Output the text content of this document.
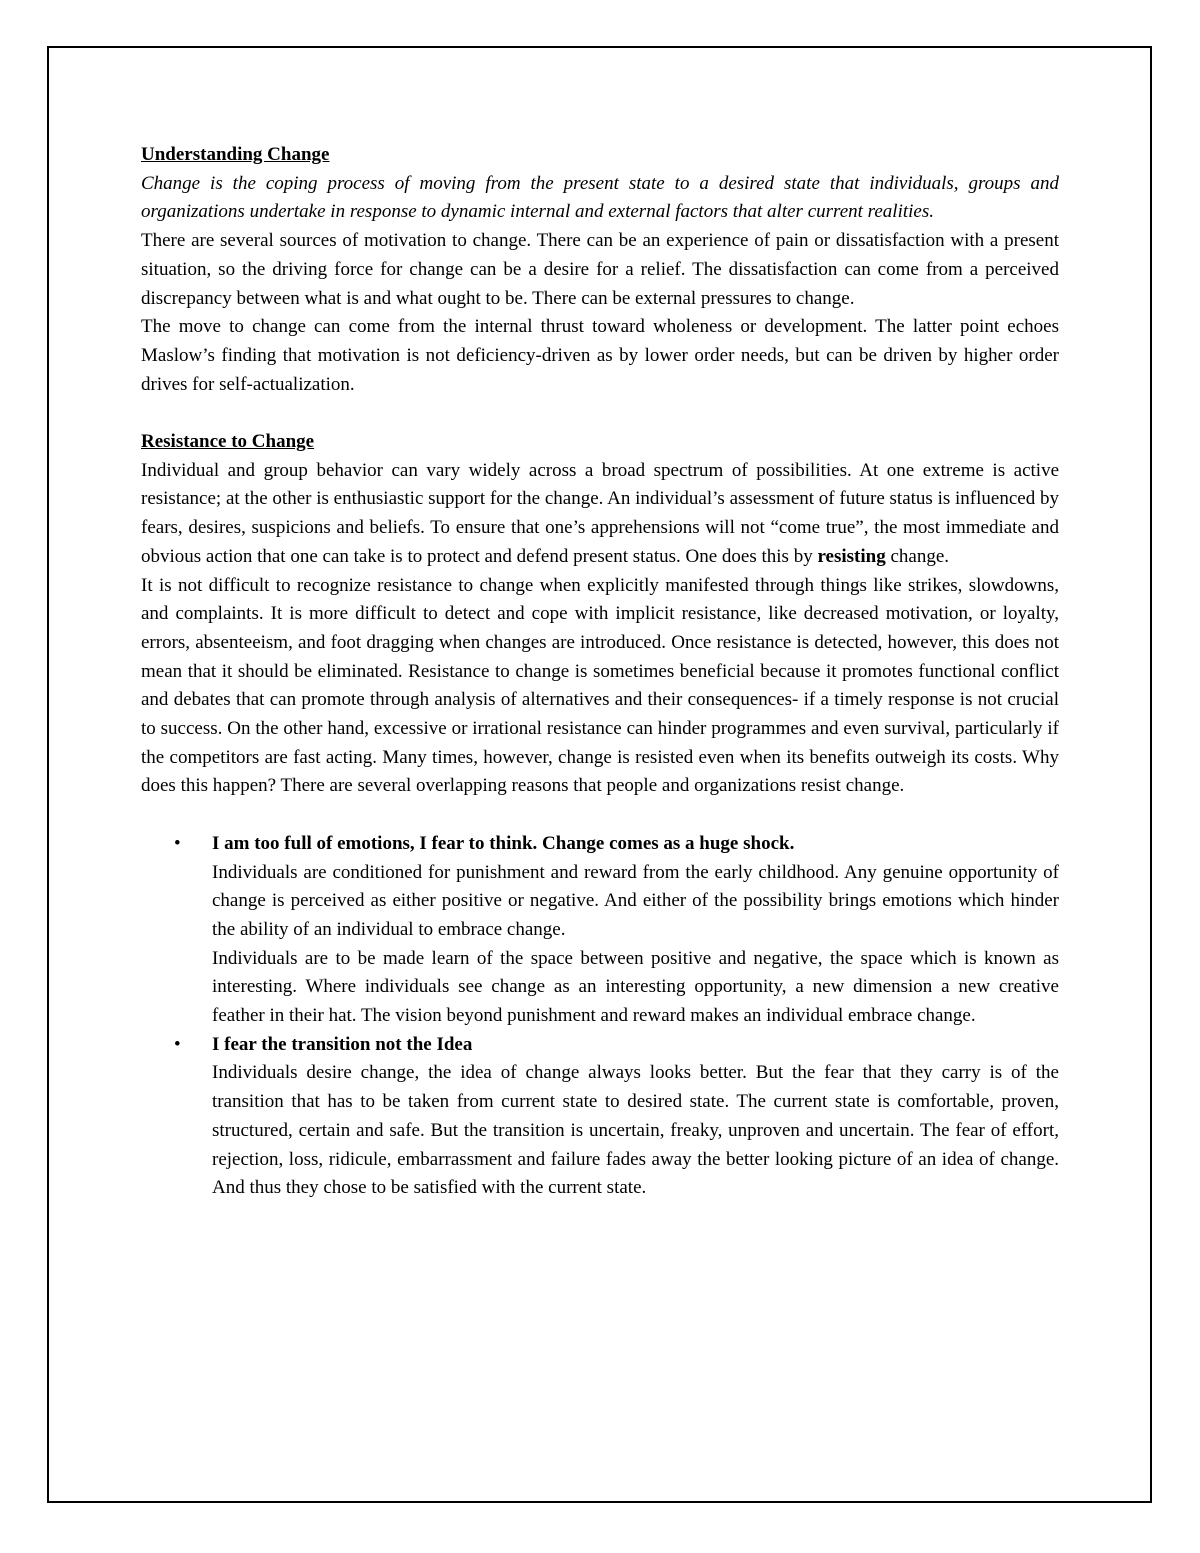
Understanding Change

Change is the coping process of moving from the present state to a desired state that individuals, groups and organizations undertake in response to dynamic internal and external factors that alter current realities.

There are several sources of motivation to change. There can be an experience of pain or dissatisfaction with a present situation, so the driving force for change can be a desire for a relief. The dissatisfaction can come from a perceived discrepancy between what is and what ought to be. There can be external pressures to change.

The move to change can come from the internal thrust toward wholeness or development. The latter point echoes Maslow’s finding that motivation is not deficiency-driven as by lower order needs, but can be driven by higher order drives for self-actualization.

Resistance to Change

Individual and group behavior can vary widely across a broad spectrum of possibilities. At one extreme is active resistance; at the other is enthusiastic support for the change. An individual’s assessment of future status is influenced by fears, desires, suspicions and beliefs. To ensure that one’s apprehensions will not “come true”, the most immediate and obvious action that one can take is to protect and defend present status. One does this by resisting change.

It is not difficult to recognize resistance to change when explicitly manifested through things like strikes, slowdowns, and complaints. It is more difficult to detect and cope with implicit resistance, like decreased motivation, or loyalty, errors, absenteeism, and foot dragging when changes are introduced. Once resistance is detected, however, this does not mean that it should be eliminated. Resistance to change is sometimes beneficial because it promotes functional conflict and debates that can promote through analysis of alternatives and their consequences- if a timely response is not crucial to success. On the other hand, excessive or irrational resistance can hinder programmes and even survival, particularly if the competitors are fast acting. Many times, however, change is resisted even when its benefits outweigh its costs. Why does this happen? There are several overlapping reasons that people and organizations resist change.

• I am too full of emotions, I fear to think. Change comes as a huge shock.

Individuals are conditioned for punishment and reward from the early childhood. Any genuine opportunity of change is perceived as either positive or negative. And either of the possibility brings emotions which hinder the ability of an individual to embrace change.

Individuals are to be made learn of the space between positive and negative, the space which is known as interesting. Where individuals see change as an interesting opportunity, a new dimension a new creative feather in their hat. The vision beyond punishment and reward makes an individual embrace change.

• I fear the transition not the Idea

Individuals desire change, the idea of change always looks better. But the fear that they carry is of the transition that has to be taken from current state to desired state. The current state is comfortable, proven, structured, certain and safe. But the transition is uncertain, freaky, unproven and uncertain. The fear of effort, rejection, loss, ridicule, embarrassment and failure fades away the better looking picture of an idea of change. And thus they chose to be satisfied with the current state.
